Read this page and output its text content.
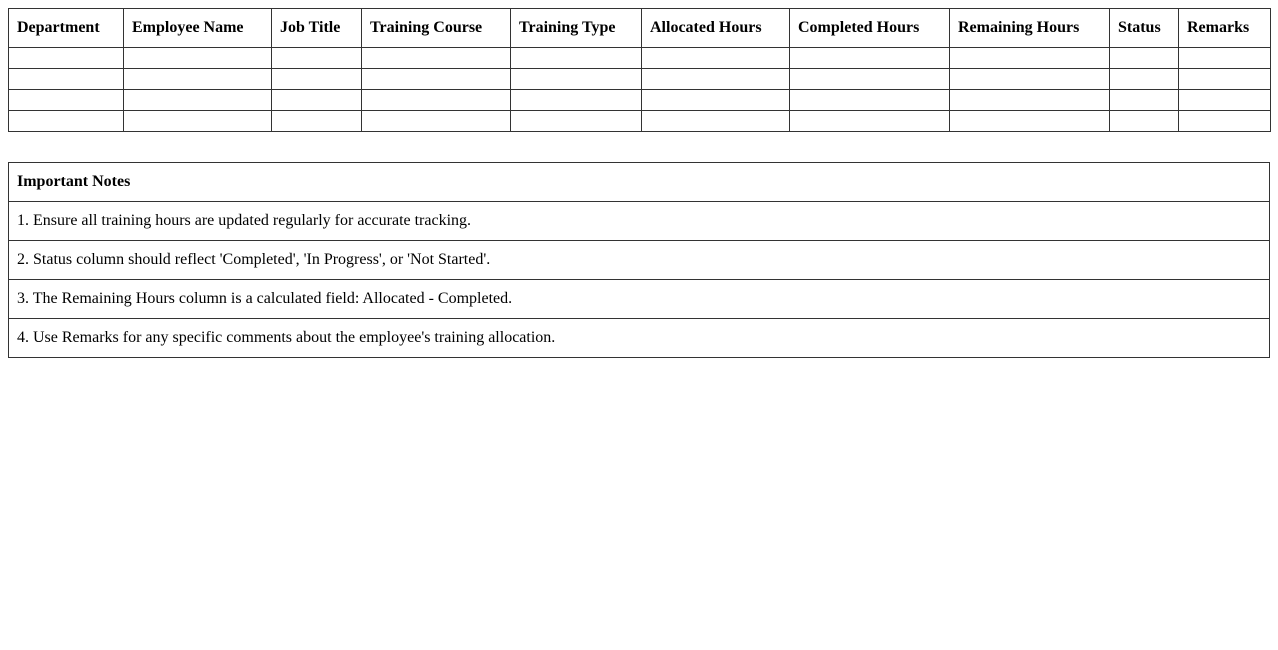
Department	Employee Name	Job Title	Training Course	Training Type	Allocated Hours	Completed Hours	Remaining Hours	Status	Remarks

Important Notes
1. Ensure all training hours are updated regularly for accurate tracking.
2. Status column should reflect 'Completed', 'In Progress', or 'Not Started'.
3. The Remaining Hours column is a calculated field: Allocated - Completed.
4. Use Remarks for any specific comments about the employee's training allocation.
